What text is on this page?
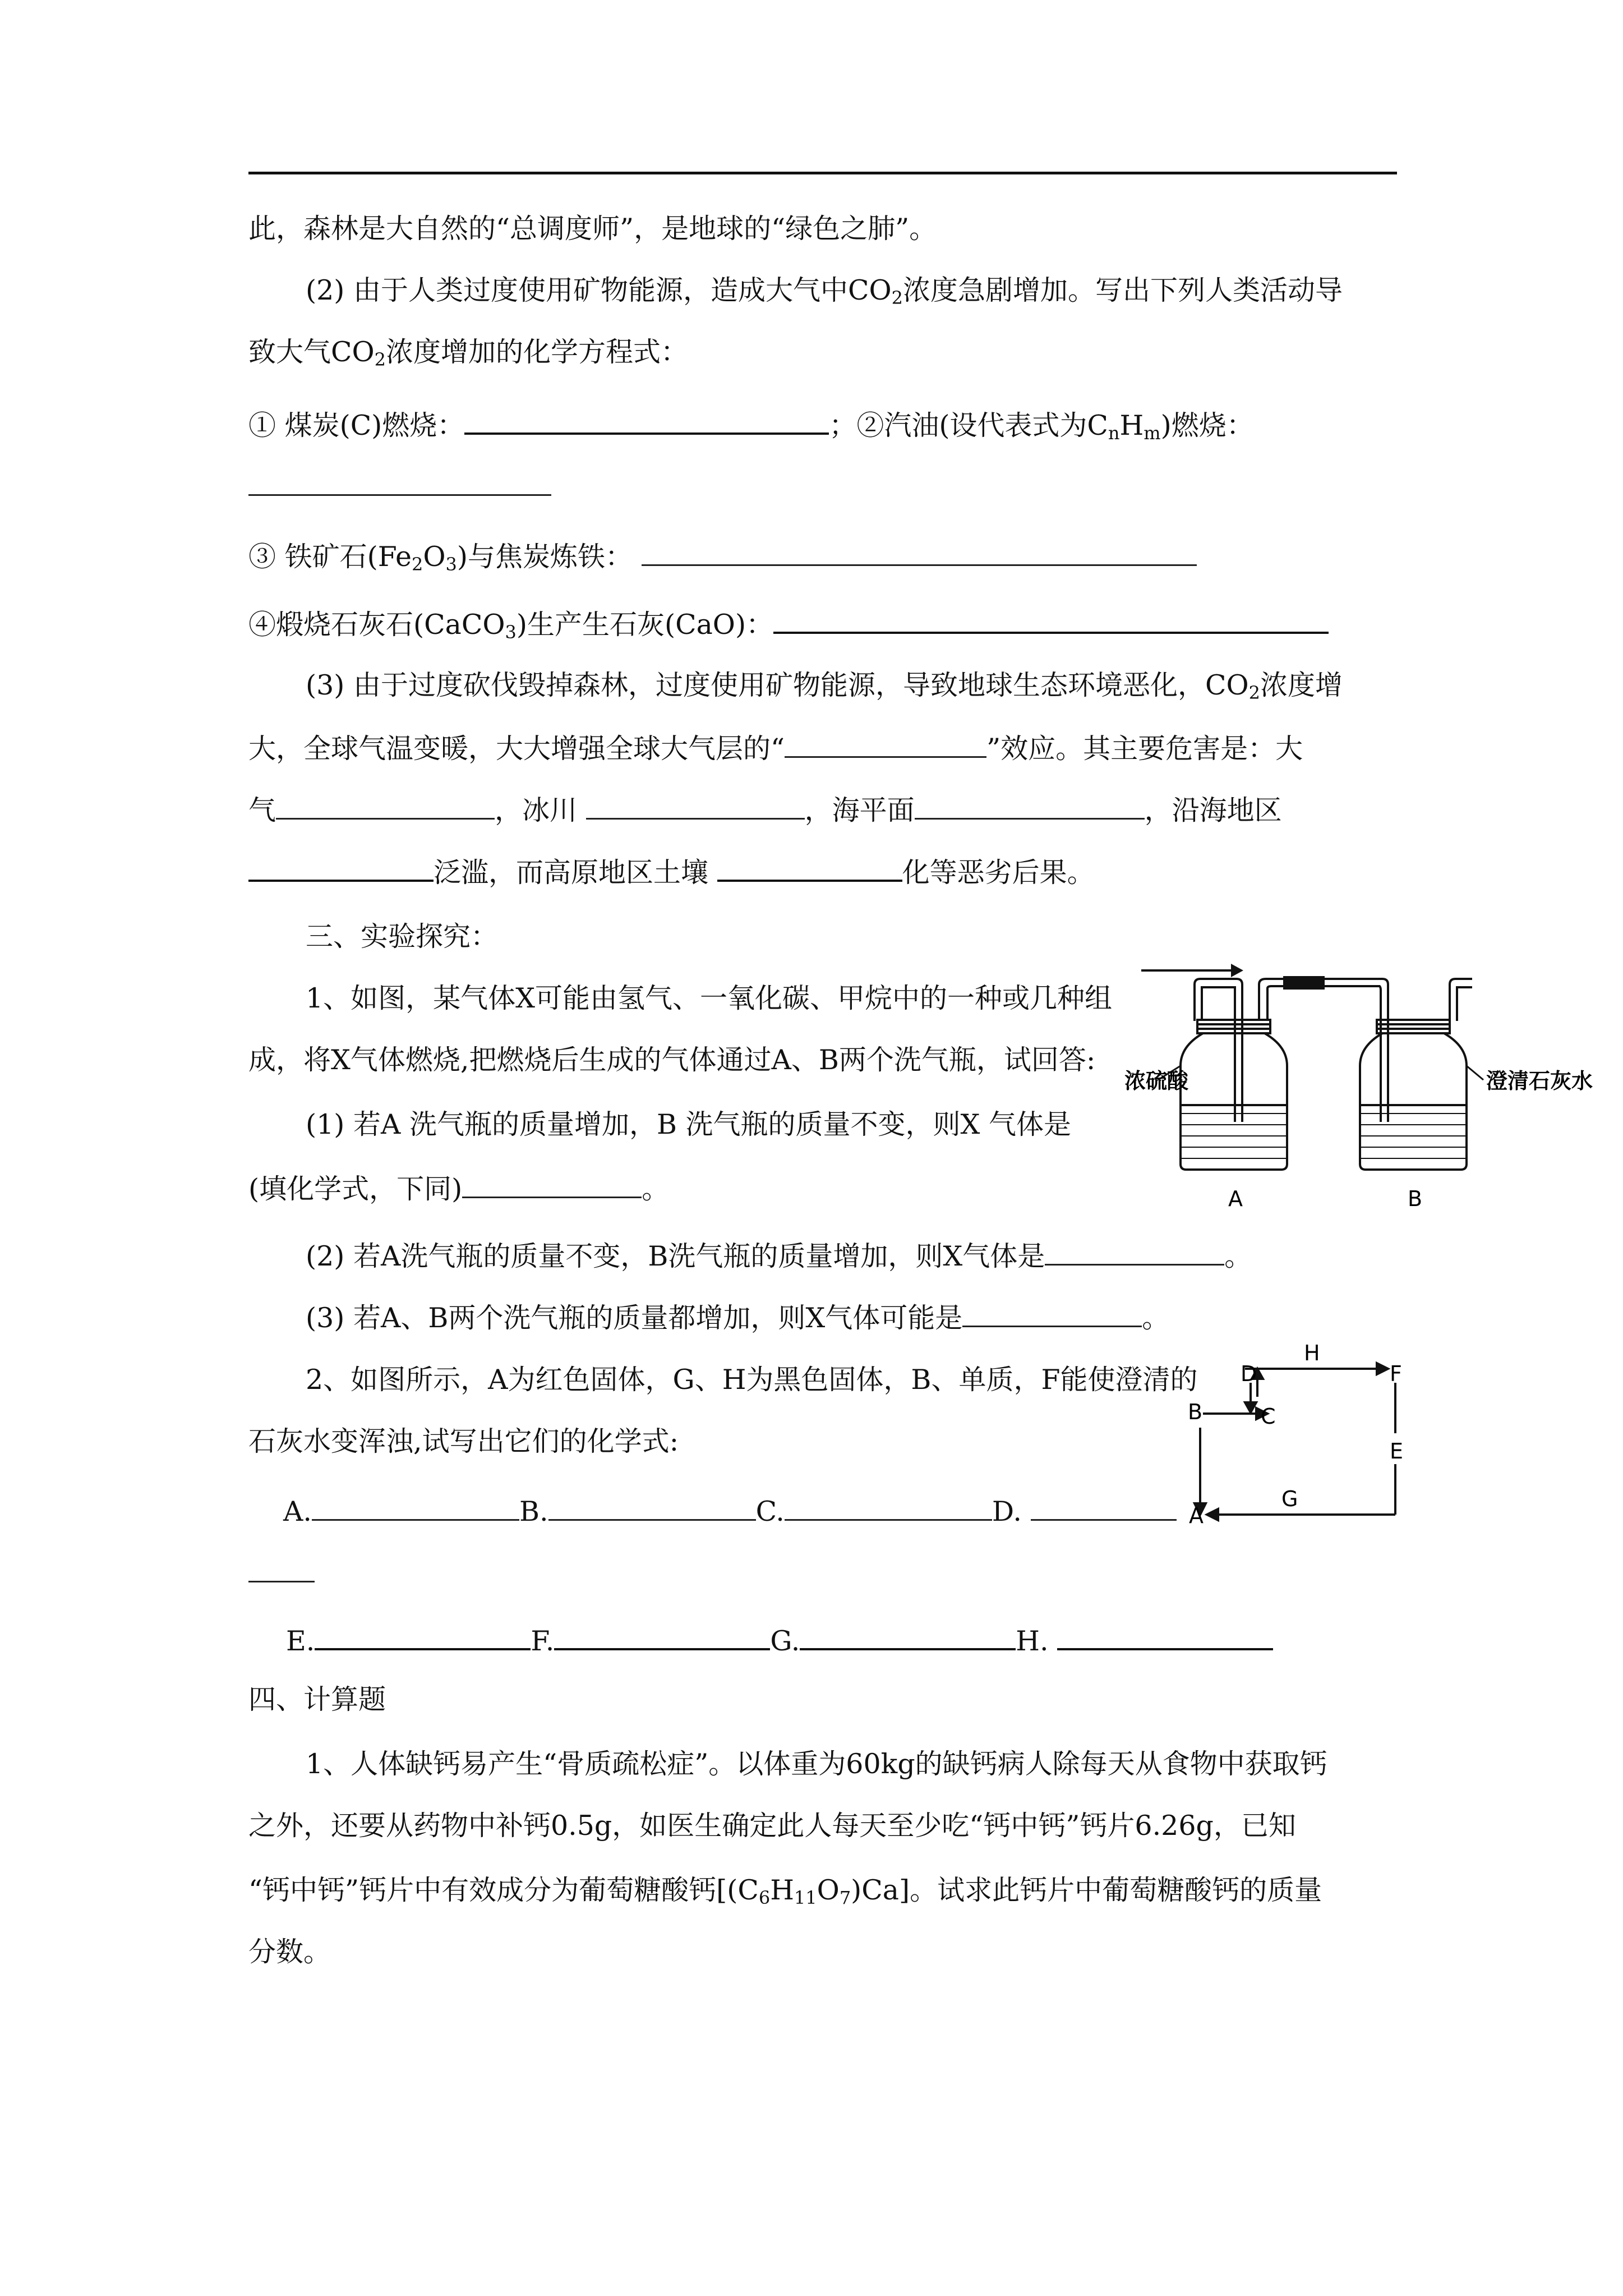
此，森林是大自然的“总调度师”，是地球的“绿色之肺”。
(2) 由于人类过度使用矿物能源，造成大气中$CO_2$浓度急剧增加。写出下列人类活动导
致大气$CO_2$浓度增加的化学方程式：
① 煤炭(C)燃烧：	；②汽油(设代表式为$C_nH_m$)燃烧：
③ 铁矿石$(Fe_2O_3)$与焦炭炼铁：
④煅烧石灰石(CaCO$_3$)生产生石灰(CaO)：
(3) 由于过度砍伐毁掉森林，过度使用矿物能源，导致地球生态环境恶化，$CO_2$浓度增
大，全球气温变暖，大大增强全球大气层的“	”效应。其主要危害是：大
气	，冰川	，海平面	，沿海地区
泛滥，而高原地区土壤	化等恶劣后果。
三、实验探究：
1、如图，某气体X可能由氢气、一氧化碳、甲烷中的一种或几种组
成，将X气体燃烧,把燃烧后生成的气体通过A、B两个洗气瓶，试回答:
(1) 若A 洗气瓶的质量增加，B 洗气瓶的质量不变，则X 气体是
(填化学式，下同)	。
(2) 若A洗气瓶的质量不变，B洗气瓶的质量增加，则X气体是	。
(3) 若A、B两个洗气瓶的质量都增加，则X气体可能是	。
2、如图所示，A为红色固体，G、H为黑色固体，B、单质，F能使澄清的
石灰水变浑浊,试写出它们的化学式:
A.	B.	C.	D.
E.	F.	G.	H.
四、计算题
1、人体缺钙易产生“骨质疏松症”。以体重为60kg的缺钙病人除每天从食物中获取钙
之外，还要从药物中补钙0.5g，如医生确定此人每天至少吃“钙中钙”钙片6.26g，已知
“钙中钙”钙片中有效成分为葡萄糖酸钙$[(C_6H_{11}O_7)Ca]$。试求此钙片中葡萄糖酸钙的质量
分数。
浓硫酸	澄清石灰水
A	B
D
H
F
B	C
E
G
A
